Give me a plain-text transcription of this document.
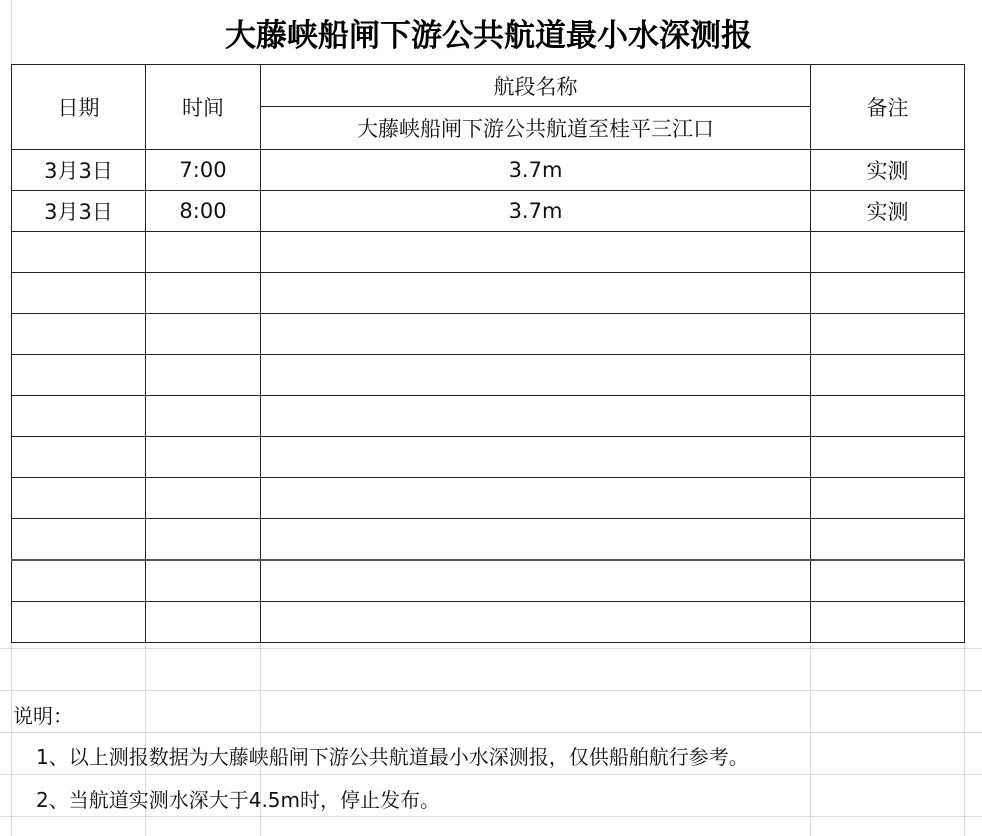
大藤峡船闸下游公共航道最小水深测报
日期	时间	航段名称	备注
		大藤峡船闸下游公共航道至桂平三江口	
3月3日	7:00	3.7m	实测
3月3日	8:00	3.7m	实测

说明：
1、以上测报数据为大藤峡船闸下游公共航道最小水深测报，仅供船舶航行参考。
2、当航道实测水深大于4.5m时，停止发布。
